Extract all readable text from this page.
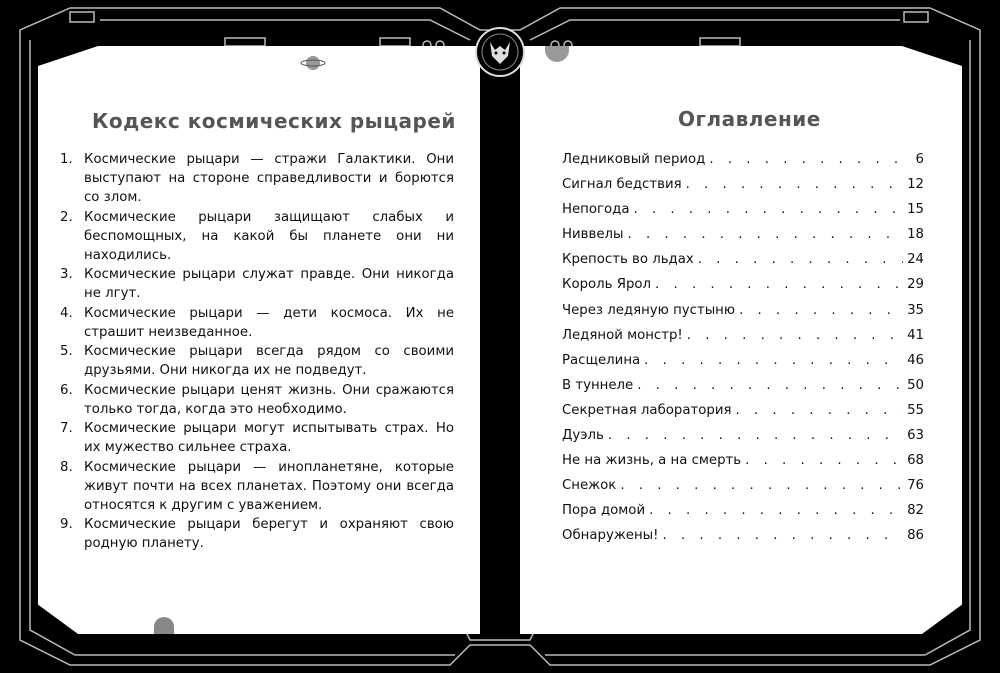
Кодекс космических рыцарей
1. Космические рыцари — стражи Галактики. Они выступают на стороне справедливости и борются со злом.
2. Космические рыцари защищают слабых и беспомощных, на какой бы планете они ни находились.
3. Космические рыцари служат правде. Они никогда не лгут.
4. Космические рыцари — дети космоса. Их не страшит неизведанное.
5. Космические рыцари всегда рядом со своими друзьями. Они никогда их не подведут.
6. Космические рыцари ценят жизнь. Они сражаются только тогда, когда это необходимо.
7. Космические рыцари могут испытывать страх. Но их мужество сильнее страха.
8. Космические рыцари — инопланетяне, которые живут почти на всех планетах. Поэтому они всегда относятся к другим с уважением.
9. Космические рыцари берегут и охраняют свою родную планету.
Оглавление
Ледниковый период . . .	6
Сигнал бедствия . . .	12
Непогода . . .	15
Ниввелы . . .	18
Крепость во льдах . . .	24
Король Ярол . . .	29
Через ледяную пустыню . . .	35
Ледяной монстр! . . .	41
Расщелина . . .	46
В туннеле . . .	50
Секретная лаборатория . . .	55
Дуэль . . .	63
Не на жизнь, а на смерть . . .	68
Снежок . . .	76
Пора домой . . .	82
Обнаружены! . . .	86
